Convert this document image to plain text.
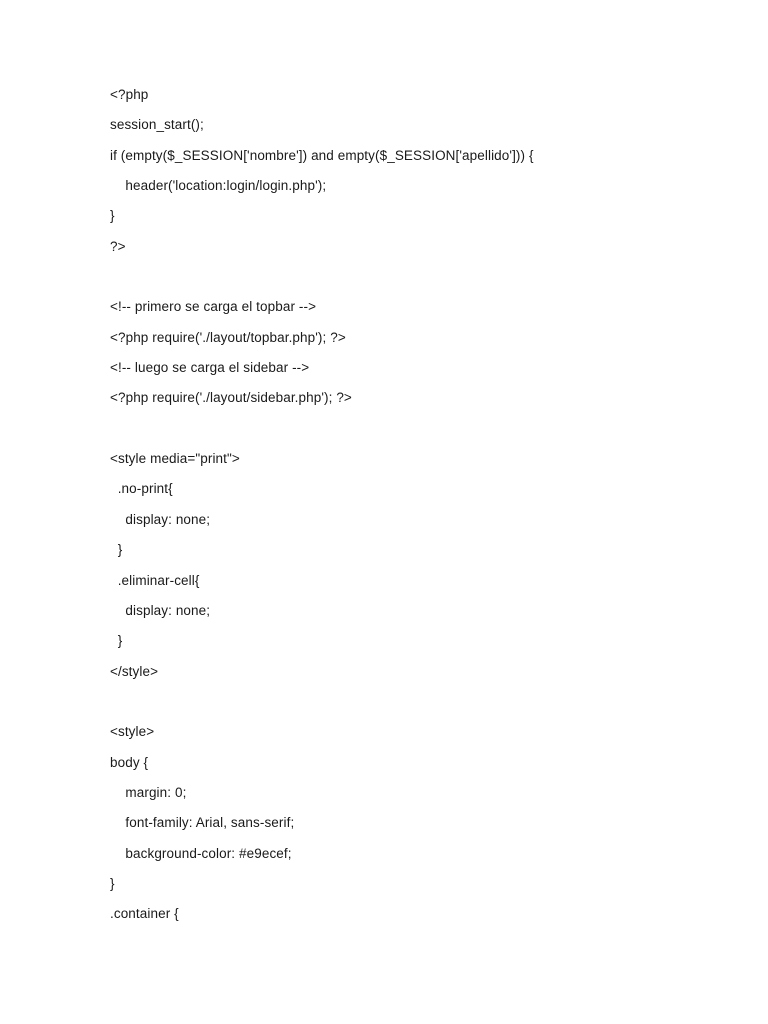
<?php
session_start();
if (empty($_SESSION['nombre']) and empty($_SESSION['apellido'])) {
header('location:login/login.php');
}
?>
<!-- primero se carga el topbar -->
<?php require('./layout/topbar.php'); ?>
<!-- luego se carga el sidebar -->
<?php require('./layout/sidebar.php'); ?>
<style media="print">
.no-print{
display: none;
}
.eliminar-cell{
display: none;
}
</style>
<style>
body {
margin: 0;
font-family: Arial, sans-serif;
background-color: #e9ecef;
}
.container {
